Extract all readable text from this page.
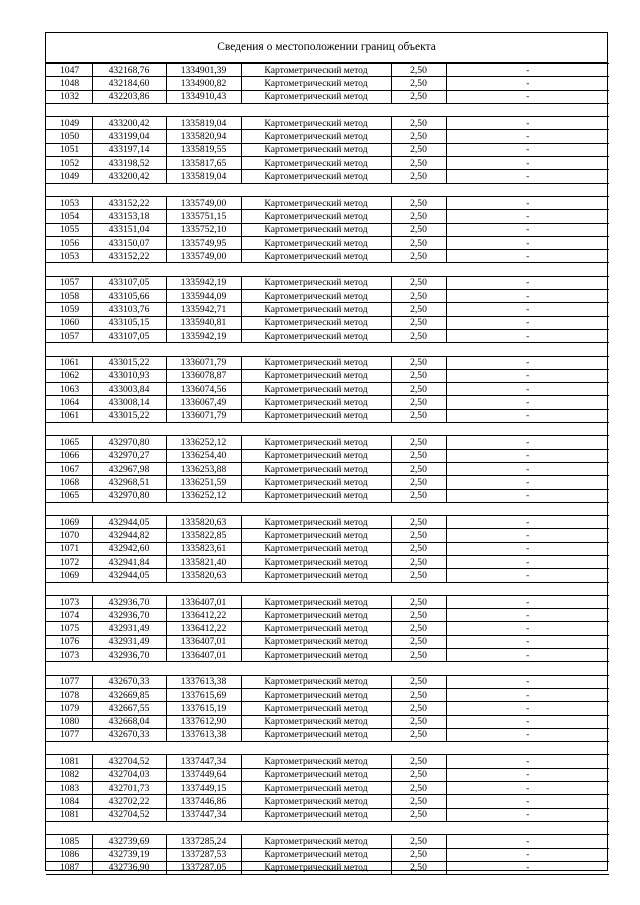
Сведения о местоположении границ объекта
1047	432168,76	1334901,39	Картометрический метод	2,50	-
1048	432184,60	1334900,82	Картометрический метод	2,50	-
1032	432203,86	1334910,43	Картометрический метод	2,50	-

1049	433200,42	1335819,04	Картометрический метод	2,50	-
1050	433199,04	1335820,94	Картометрический метод	2,50	-
1051	433197,14	1335819,55	Картометрический метод	2,50	-
1052	433198,52	1335817,65	Картометрический метод	2,50	-
1049	433200,42	1335819,04	Картометрический метод	2,50	-

1053	433152,22	1335749,00	Картометрический метод	2,50	-
1054	433153,18	1335751,15	Картометрический метод	2,50	-
1055	433151,04	1335752,10	Картометрический метод	2,50	-
1056	433150,07	1335749,95	Картометрический метод	2,50	-
1053	433152,22	1335749,00	Картометрический метод	2,50	-

1057	433107,05	1335942,19	Картометрический метод	2,50	-
1058	433105,66	1335944,09	Картометрический метод	2,50	-
1059	433103,76	1335942,71	Картометрический метод	2,50	-
1060	433105,15	1335940,81	Картометрический метод	2,50	-
1057	433107,05	1335942,19	Картометрический метод	2,50	-

1061	433015,22	1336071,79	Картометрический метод	2,50	-
1062	433010,93	1336078,87	Картометрический метод	2,50	-
1063	433003,84	1336074,56	Картометрический метод	2,50	-
1064	433008,14	1336067,49	Картометрический метод	2,50	-
1061	433015,22	1336071,79	Картометрический метод	2,50	-

1065	432970,80	1336252,12	Картометрический метод	2,50	-
1066	432970,27	1336254,40	Картометрический метод	2,50	-
1067	432967,98	1336253,88	Картометрический метод	2,50	-
1068	432968,51	1336251,59	Картометрический метод	2,50	-
1065	432970,80	1336252,12	Картометрический метод	2,50	-

1069	432944,05	1335820,63	Картометрический метод	2,50	-
1070	432944,82	1335822,85	Картометрический метод	2,50	-
1071	432942,60	1335823,61	Картометрический метод	2,50	-
1072	432941,84	1335821,40	Картометрический метод	2,50	-
1069	432944,05	1335820,63	Картометрический метод	2,50	-

1073	432936,70	1336407,01	Картометрический метод	2,50	-
1074	432936,70	1336412,22	Картометрический метод	2,50	-
1075	432931,49	1336412,22	Картометрический метод	2,50	-
1076	432931,49	1336407,01	Картометрический метод	2,50	-
1073	432936,70	1336407,01	Картометрический метод	2,50	-

1077	432670,33	1337613,38	Картометрический метод	2,50	-
1078	432669,85	1337615,69	Картометрический метод	2,50	-
1079	432667,55	1337615,19	Картометрический метод	2,50	-
1080	432668,04	1337612,90	Картометрический метод	2,50	-
1077	432670,33	1337613,38	Картометрический метод	2,50	-

1081	432704,52	1337447,34	Картометрический метод	2,50	-
1082	432704,03	1337449,64	Картометрический метод	2,50	-
1083	432701,73	1337449,15	Картометрический метод	2,50	-
1084	432702,22	1337446,86	Картометрический метод	2,50	-
1081	432704,52	1337447,34	Картометрический метод	2,50	-

1085	432739,69	1337285,24	Картометрический метод	2,50	-
1086	432739,19	1337287,53	Картометрический метод	2,50	-
1087	432736,90	1337287,05	Картометрический метод	2,50	-
